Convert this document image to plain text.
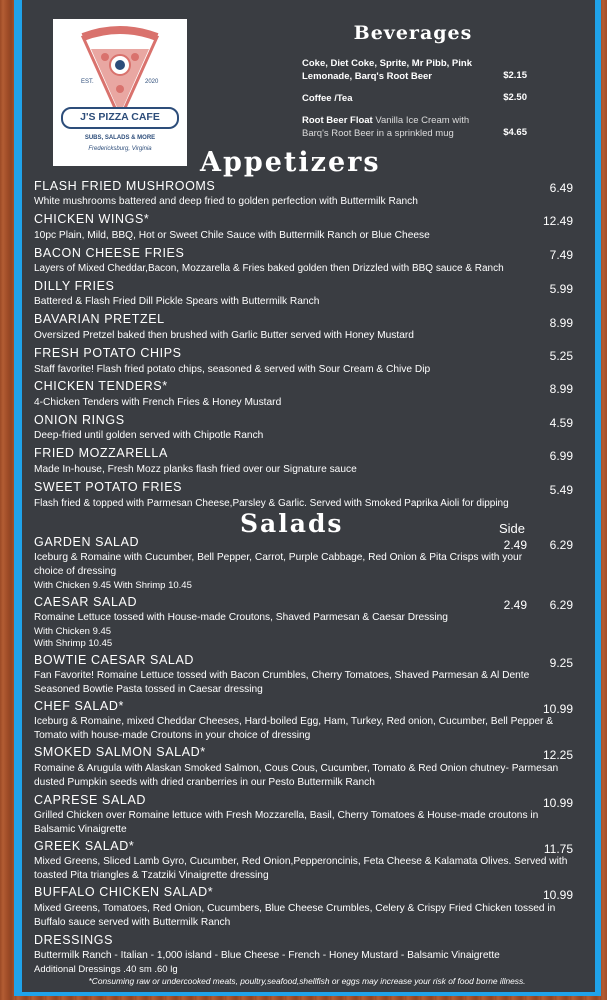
EST.	2020
J'S PIZZA CAFE
SUBS, SALADS & MORE
Fredericksburg, Virginia
Beverages
Coke, Diet Coke, Sprite, Mr Pibb, Pink
Lemonade, Barq's Root Beer	$2.15
Coffee /Tea	$2.50
Root Beer Float Vanilla Ice Cream with
Barq's Root Beer in a sprinkled mug	$4.65
Appetizers
FLASH FRIED MUSHROOMS	6.49
White mushrooms battered and deep fried to golden perfection with Buttermilk Ranch
CHICKEN WINGS*	12.49
10pc Plain, Mild, BBQ, Hot or Sweet Chile Sauce with Buttermilk Ranch or Blue Cheese
BACON CHEESE FRIES	7.49
Layers of Mixed Cheddar,Bacon, Mozzarella & Fries baked golden then Drizzled with BBQ sauce & Ranch
DILLY FRIES	5.99
Battered & Flash Fried Dill Pickle Spears with Buttermilk Ranch
BAVARIAN PRETZEL	8.99
Oversized Pretzel baked then brushed with Garlic Butter served with Honey Mustard
FRESH POTATO CHIPS	5.25
Staff favorite! Flash fried potato chips, seasoned & served with Sour Cream & Chive Dip
CHICKEN TENDERS*	8.99
4-Chicken Tenders with French Fries & Honey Mustard
ONION RINGS	4.59
Deep-fried until golden served with Chipotle Ranch
FRIED MOZZARELLA	6.99
Made In-house, Fresh Mozz planks flash fried over our Signature sauce
SWEET POTATO FRIES	5.49
Flash fried & topped with Parmesan Cheese,Parsley & Garlic. Served with Smoked Paprika Aioli for dipping
Salads	Side
GARDEN SALAD	2.49	6.29
Iceburg & Romaine with Cucumber, Bell Pepper, Carrot, Purple Cabbage, Red Onion & Pita Crisps with your choice of dressing
With Chicken 9.45 With Shrimp 10.45
CAESAR SALAD	2.49	6.29
Romaine Lettuce tossed with House-made Croutons, Shaved Parmesan & Caesar Dressing
With Chicken 9.45
With Shrimp 10.45
BOWTIE CAESAR SALAD	9.25
Fan Favorite! Romaine Lettuce tossed with Bacon Crumbles, Cherry Tomatoes, Shaved Parmesan & Al Dente Seasoned Bowtie Pasta tossed in Caesar dressing
CHEF SALAD*	10.99
Iceburg & Romaine, mixed Cheddar Cheeses, Hard-boiled Egg, Ham, Turkey, Red onion, Cucumber, Bell Pepper & Tomato with house-made Croutons in your choice of dressing
SMOKED SALMON SALAD*	12.25
Romaine & Arugula with Alaskan Smoked Salmon, Cous Cous, Cucumber, Tomato & Red Onion chutney- Parmesan dusted Pumpkin seeds with dried cranberries in our Pesto Buttermilk Ranch
CAPRESE SALAD	10.99
Grilled Chicken over Romaine lettuce with Fresh Mozzarella, Basil, Cherry Tomatoes & House-made croutons in Balsamic Vinaigrette
GREEK SALAD*	11.75
Mixed Greens, Sliced Lamb Gyro, Cucumber, Red Onion,Pepperoncinis, Feta Cheese & Kalamata Olives. Served with toasted Pita triangles & Tzatziki Vinaigrette dressing
BUFFALO CHICKEN SALAD*	10.99
Mixed Greens, Tomatoes, Red Onion, Cucumbers, Blue Cheese Crumbles, Celery & Crispy Fried Chicken tossed in Buffalo sauce served with Buttermilk Ranch
DRESSINGS
Buttermilk Ranch - Italian - 1,000 island - Blue Cheese - French - Honey Mustard - Balsamic Vinaigrette
Additional Dressings .40 sm .60 lg
*Consuming raw or undercooked meats, poultry,seafood,shellfish or eggs may increase your risk of food borne illness.
